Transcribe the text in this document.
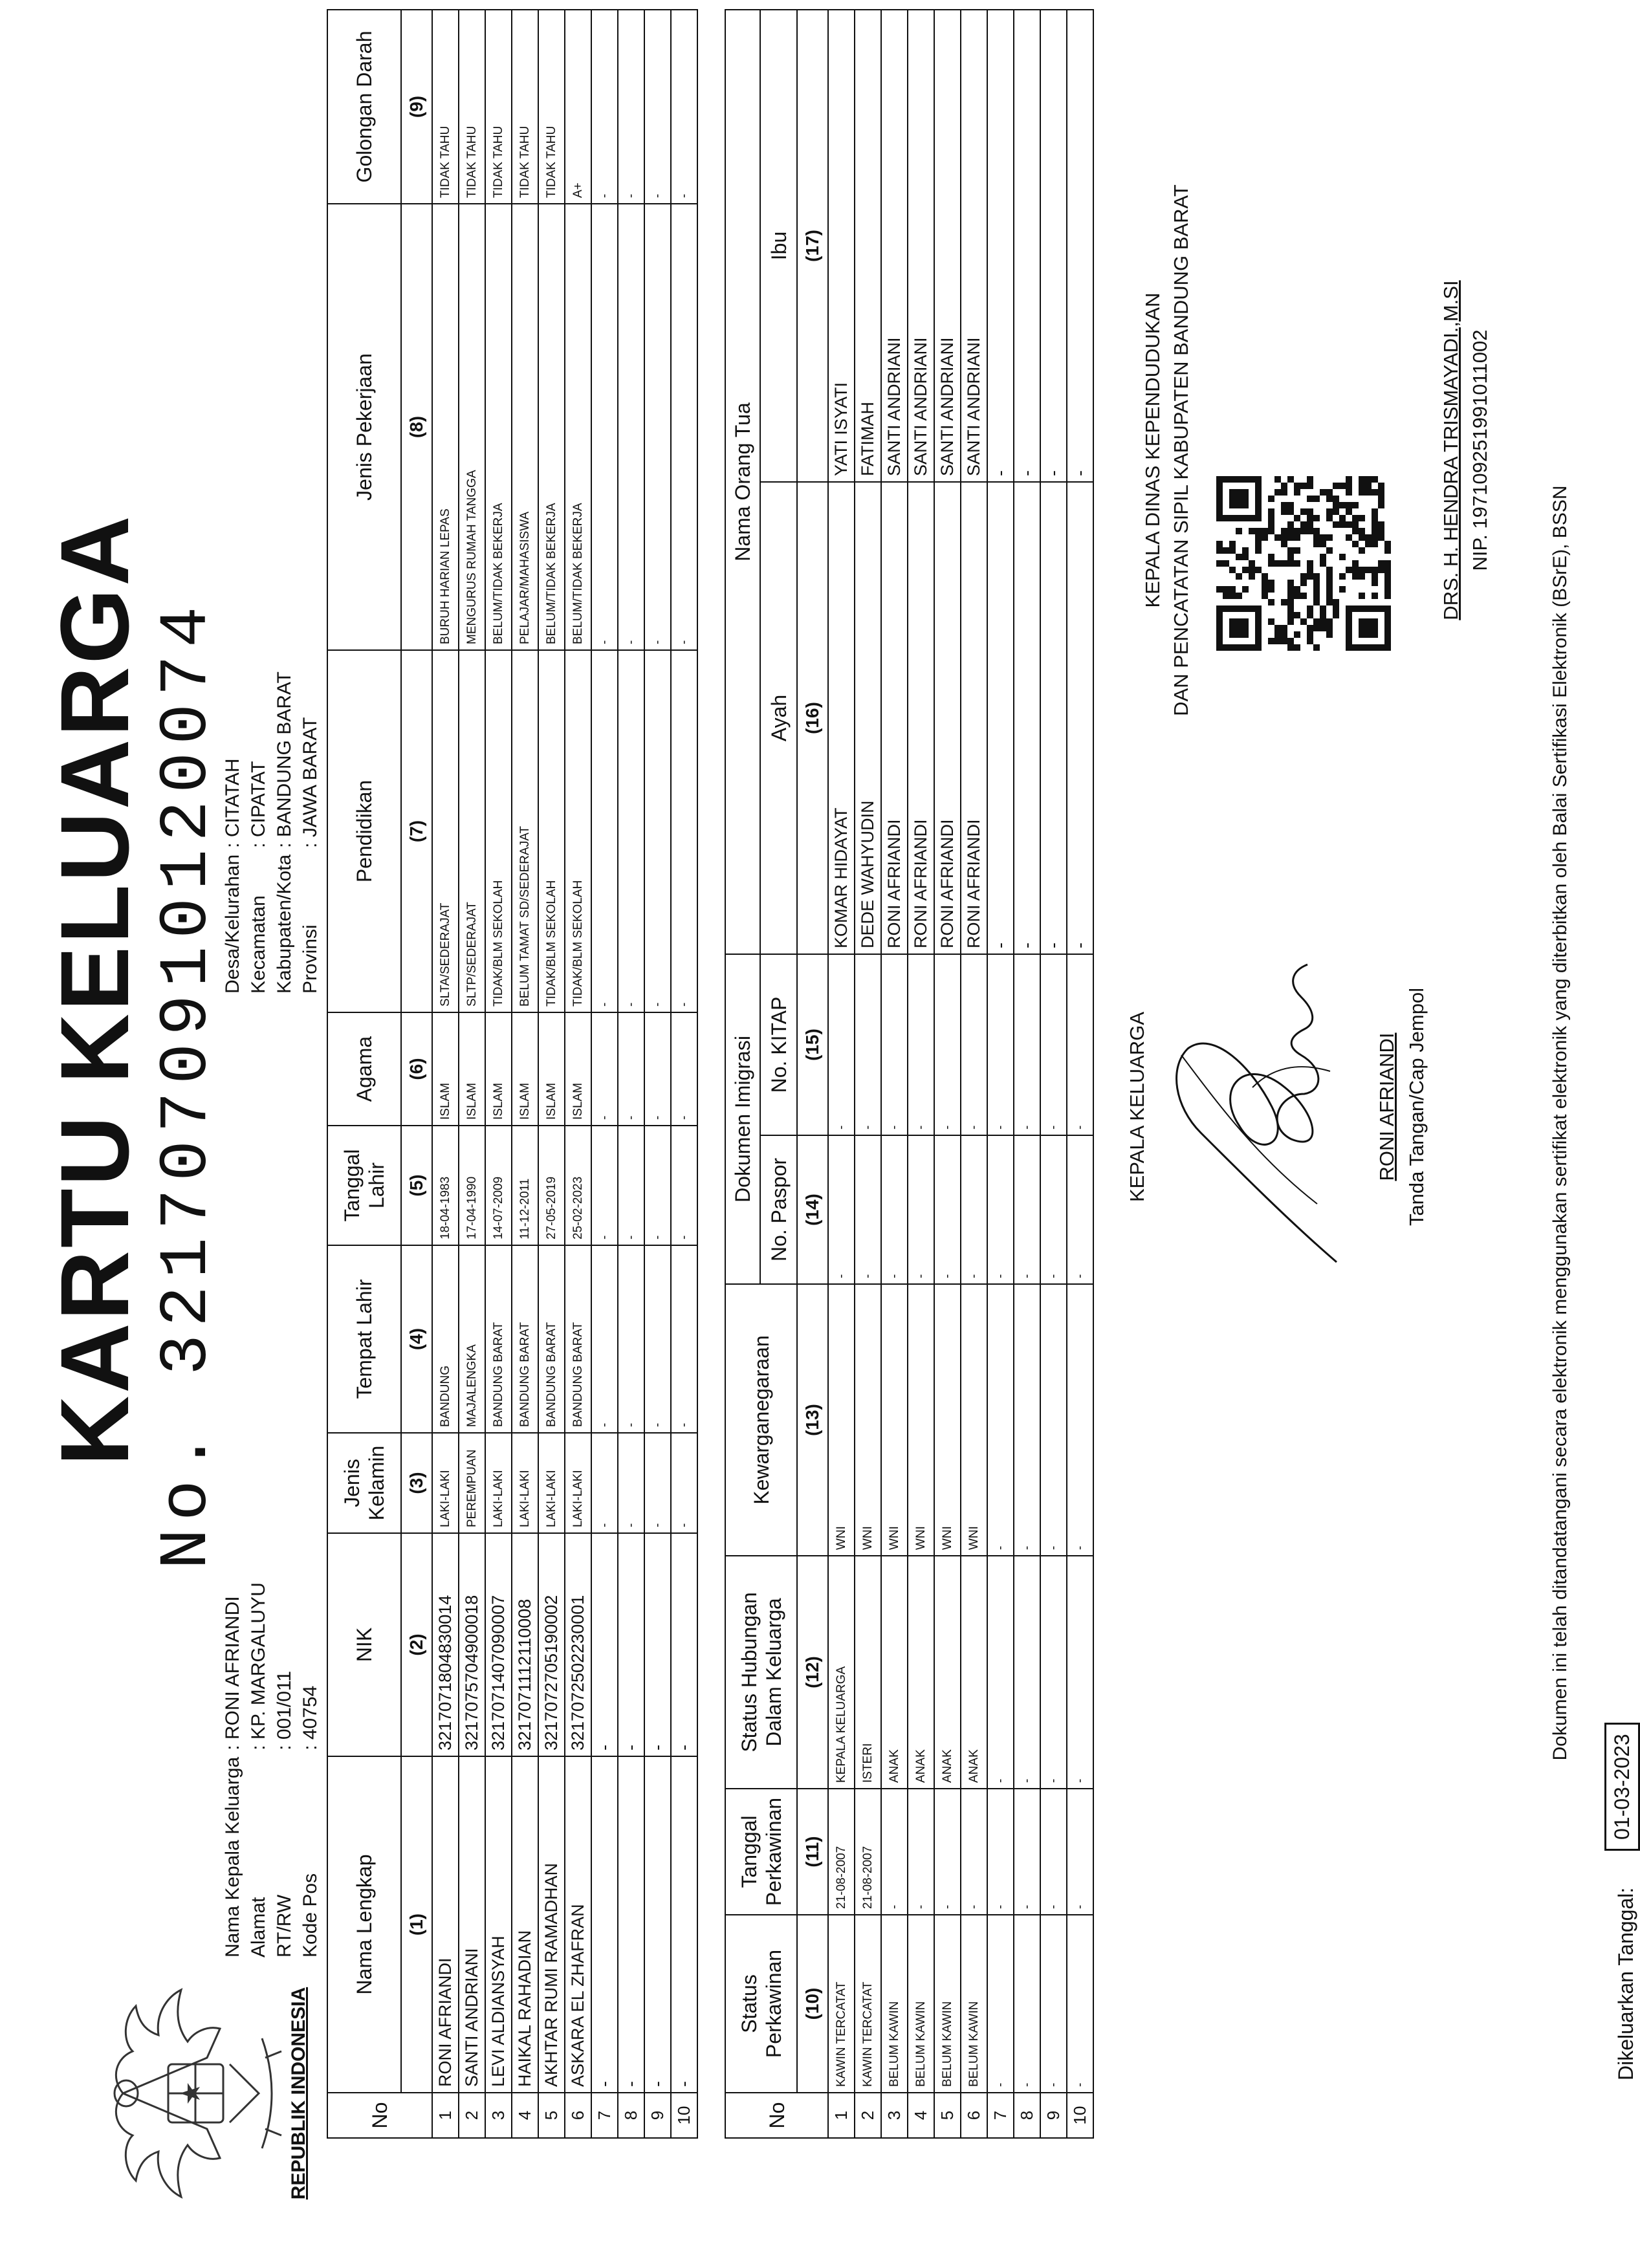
REPUBLIK INDONESIA
KARTU KELUARGA No. 3217070910120074
Nama Kepala Keluarga
: RONI AFRIANDI
Alamat
: KP. MARGALUYU
RT/RW
: 001/011
Kode Pos
: 40754
Desa/Kelurahan
: CITATAH
Kecamatan
: CIPATAT
Kabupaten/Kota
: BANDUNG BARAT
Provinsi
: JAWA BARAT
No	Nama Lengkap	NIK	Jenis Kelamin	Tempat Lahir	Tanggal Lahir	Agama	Pendidikan	Jenis Pekerjaan	Golongan Darah
	(1)	(2)	(3)	(4)	(5)	(6)	(7)	(8)	(9)
1	RONI AFRIANDI	3217071804830014	LAKI-LAKI	BANDUNG	18-04-1983	ISLAM	SLTA/SEDERAJAT	BURUH HARIAN LEPAS	TIDAK TAHU
2	SANTI ANDRIANI	3217075704900018	PEREMPUAN	MAJALENGKA	17-04-1990	ISLAM	SLTP/SEDERAJAT	MENGURUS RUMAH TANGGA	TIDAK TAHU
3	LEVI ALDIANSYAH	3217071407090007	LAKI-LAKI	BANDUNG BARAT	14-07-2009	ISLAM	TIDAK/BLM SEKOLAH	BELUM/TIDAK BEKERJA	TIDAK TAHU
4	HAIKAL RAHADIAN	3217071112110008	LAKI-LAKI	BANDUNG BARAT	11-12-2011	ISLAM	BELUM TAMAT SD/SEDERAJAT	PELAJAR/MAHASISWA	TIDAK TAHU
5	AKHTAR RUMI RAMADHAN	3217072705190002	LAKI-LAKI	BANDUNG BARAT	27-05-2019	ISLAM	TIDAK/BLM SEKOLAH	BELUM/TIDAK BEKERJA	TIDAK TAHU
6	ASKARA EL ZHAFRAN	3217072502230001	LAKI-LAKI	BANDUNG BARAT	25-02-2023	ISLAM	TIDAK/BLM SEKOLAH	BELUM/TIDAK BEKERJA	A+
7	-	-	-	-	-	-	-	-	-
8	-	-	-	-	-	-	-	-	-
9	-	-	-	-	-	-	-	-	-
10	-	-	-	-	-	-	-	-	-
No	Status Perkawinan	Tanggal Perkawinan	Status Hubungan Dalam Keluarga	Kewarganegaraan	Dokumen Imigrasi		Nama Orang Tua	
					No. Paspor	No. KITAP	Ayah	Ibu
	(10)	(11)	(12)	(13)	(14)	(15)	(16)	(17)
1	KAWIN TERCATAT	21-08-2007	KEPALA KELUARGA	WNI	-	-	KOMAR HIDAYAT	YATI ISYATI
2	KAWIN TERCATAT	21-08-2007	ISTERI	WNI	-	-	DEDE WAHYUDIN	FATIMAH
3	BELUM KAWIN	-	ANAK	WNI	-	-	RONI AFRIANDI	SANTI ANDRIANI
4	BELUM KAWIN	-	ANAK	WNI	-	-	RONI AFRIANDI	SANTI ANDRIANI
5	BELUM KAWIN	-	ANAK	WNI	-	-	RONI AFRIANDI	SANTI ANDRIANI
6	BELUM KAWIN	-	ANAK	WNI	-	-	RONI AFRIANDI	SANTI ANDRIANI
7	-	-	-	-	-	-	-	-
8	-	-	-	-	-	-	-	-
9	-	-	-	-	-	-	-	-
10	-	-	-	-	-	-	-	-
Dikeluarkan Tanggal:
01-03-2023
KEPALA KELUARGA	RONI AFRIANDI Tanda Tangan/Cap Jempol
KEPALA DINAS KEPENDUDUKAN DAN PENCATATAN SIPIL KABUPATEN BANDUNG BARAT	DRS. H. HENDRA TRISMAYADI.,M.SI NIP. 197109251991011002
Dokumen ini telah ditandatangani secara elektronik menggunakan sertifikat elektronik yang diterbitkan oleh Balai Sertifikasi Elektronik (BSrE), BSSN
